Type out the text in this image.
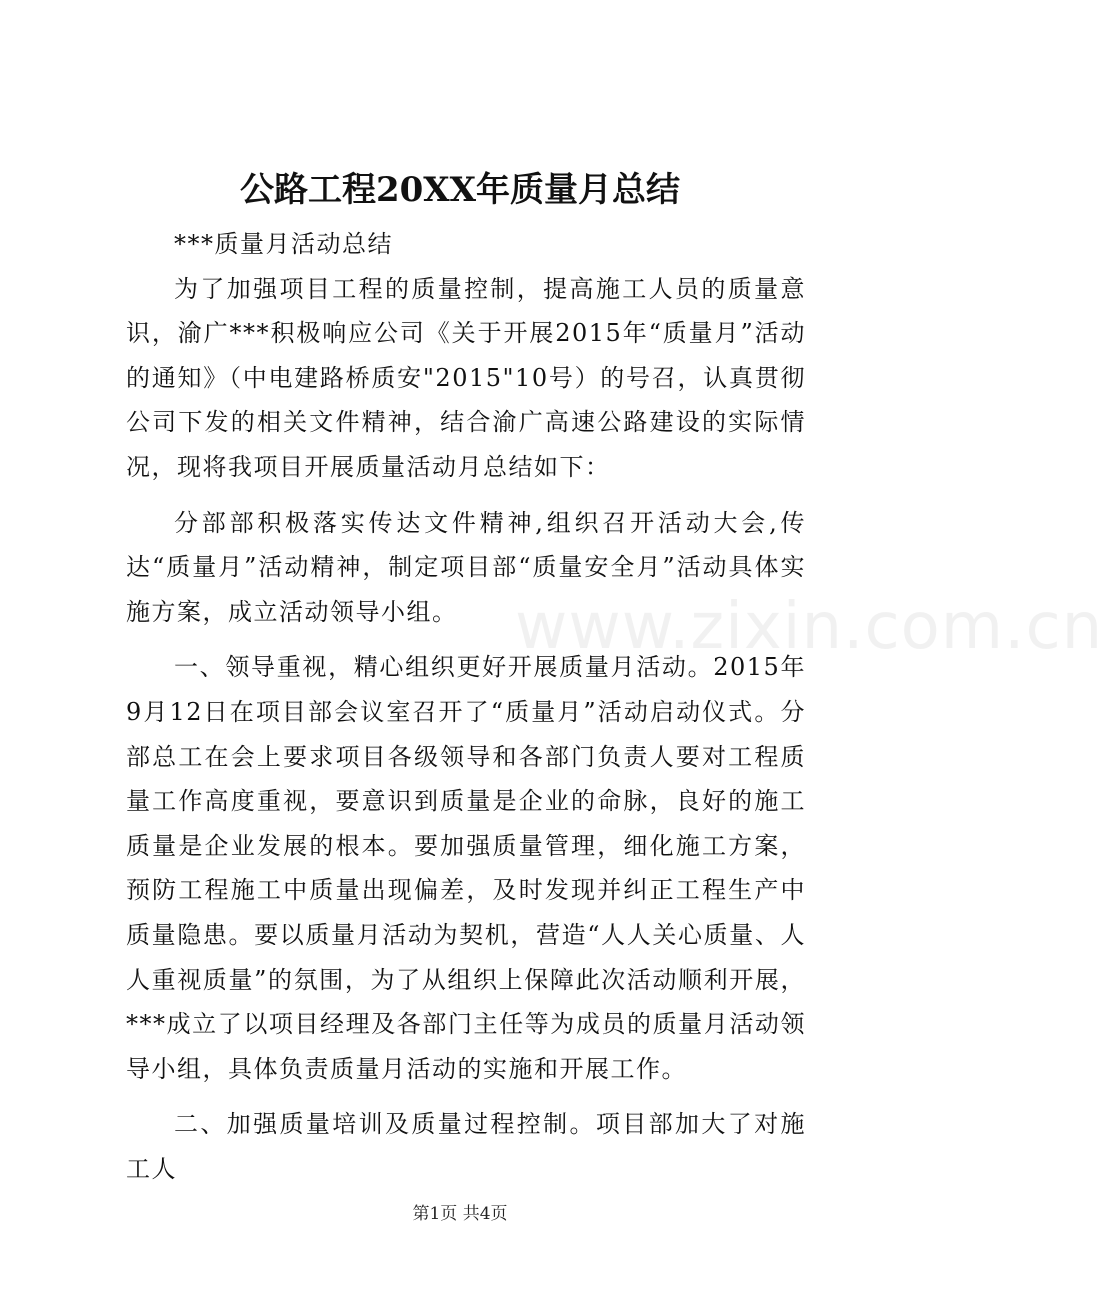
www.zixin.com.cn
公路工程20XX年质量月总结

***质量月活动总结

为了加强项目工程的质量控制，提高施工人员的质量意识，渝广***积极响应公司《关于开展2015年“质量月”活动的通知》（中电建路桥质安"2015"10号）的号召，认真贯彻公司下发的相关文件精神，结合渝广高速公路建设的实际情况，现将我项目开展质量活动月总结如下：

分部部积极落实传达文件精神,组织召开活动大会,传达“质量月”活动精神，制定项目部“质量安全月”活动具体实施方案，成立活动领导小组。

一、领导重视，精心组织更好开展质量月活动。2015年9月12日在项目部会议室召开了“质量月”活动启动仪式。分部总工在会上要求项目各级领导和各部门负责人要对工程质量工作高度重视，要意识到质量是企业的命脉，良好的施工质量是企业发展的根本。要加强质量管理，细化施工方案，预防工程施工中质量出现偏差，及时发现并纠正工程生产中质量隐患。要以质量月活动为契机，营造“人人关心质量、人人重视质量”的氛围，为了从组织上保障此次活动顺利开展，***成立了以项目经理及各部门主任等为成员的质量月活动领导小组，具体负责质量月活动的实施和开展工作。

二、加强质量培训及质量过程控制。项目部加大了对施工人

第1页 共4页
